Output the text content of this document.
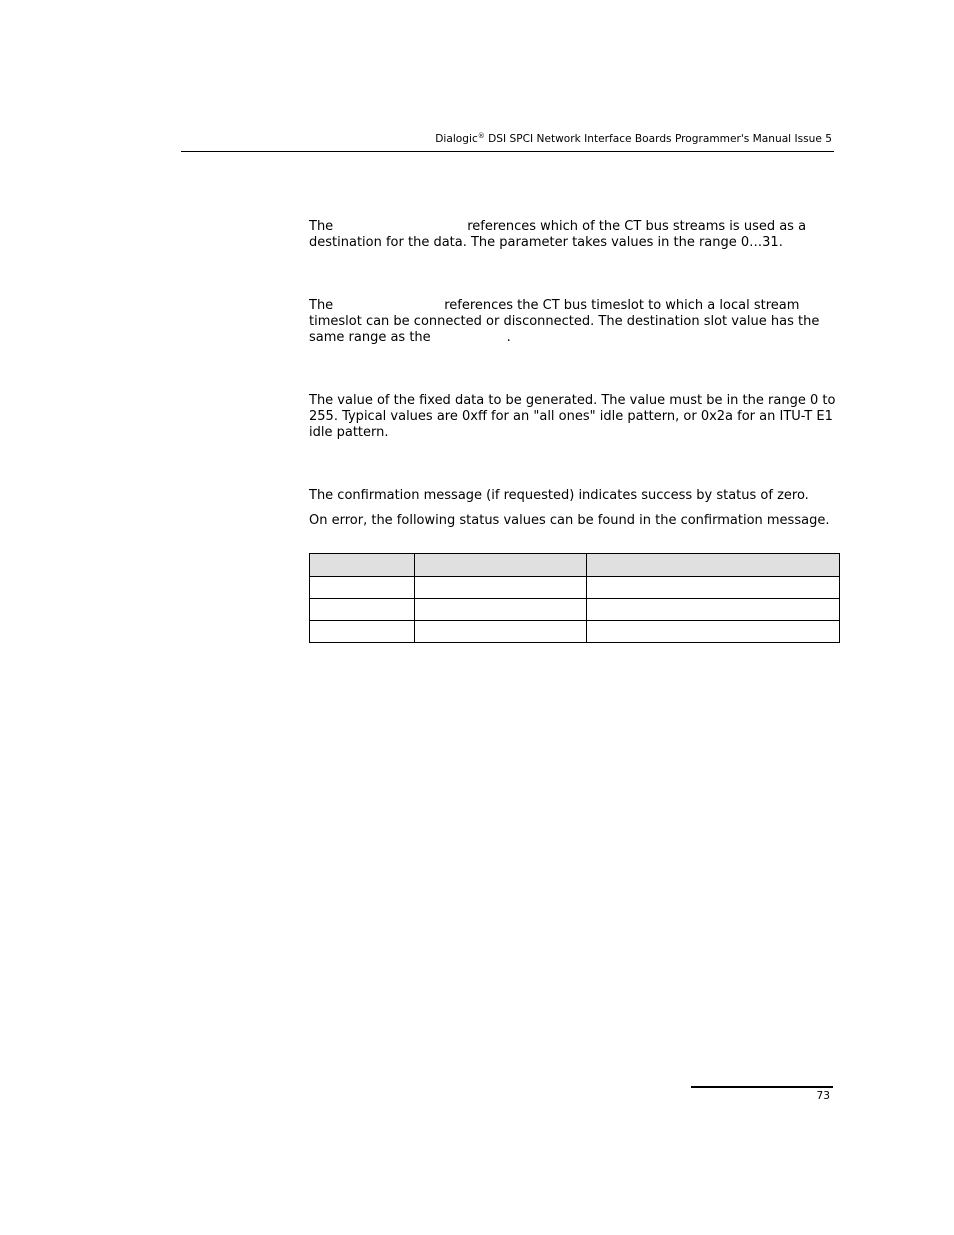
Dialogic® DSI SPCI Network Interface Boards Programmer's Manual Issue 5

The	references which of the CT bus streams is used as a destination for the data. The parameter takes values in the range 0…31.

The	references the CT bus timeslot to which a local stream timeslot can be connected or disconnected. The destination slot value has the same range as the	.

The value of the fixed data to be generated. The value must be in the range 0 to 255. Typical values are 0xff for an "all ones" idle pattern, or 0x2a for an ITU-T E1 idle pattern.

The confirmation message (if requested) indicates success by status of zero.

On error, the following status values can be found in the confirmation message.

73
